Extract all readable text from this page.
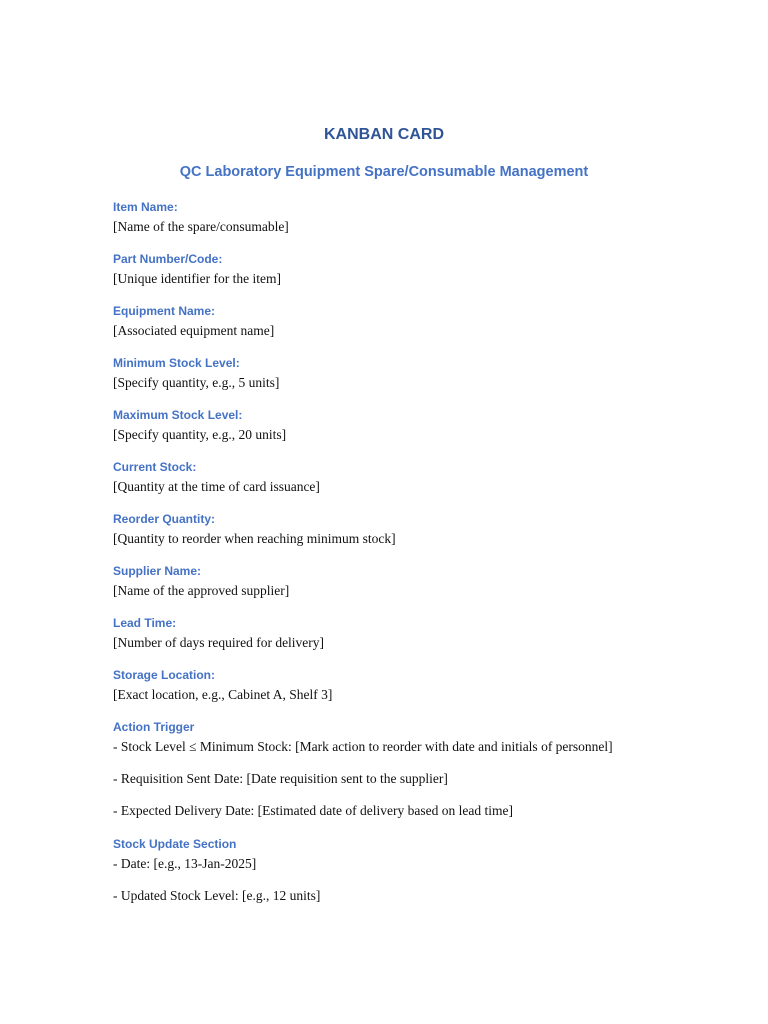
KANBAN CARD
QC Laboratory Equipment Spare/Consumable Management
Item Name:
[Name of the spare/consumable]
Part Number/Code:
[Unique identifier for the item]
Equipment Name:
[Associated equipment name]
Minimum Stock Level:
[Specify quantity, e.g., 5 units]
Maximum Stock Level:
[Specify quantity, e.g., 20 units]
Current Stock:
[Quantity at the time of card issuance]
Reorder Quantity:
[Quantity to reorder when reaching minimum stock]
Supplier Name:
[Name of the approved supplier]
Lead Time:
[Number of days required for delivery]
Storage Location:
[Exact location, e.g., Cabinet A, Shelf 3]
Action Trigger
- Stock Level ≤ Minimum Stock: [Mark action to reorder with date and initials of personnel]
- Requisition Sent Date: [Date requisition sent to the supplier]
- Expected Delivery Date: [Estimated date of delivery based on lead time]
Stock Update Section
- Date: [e.g., 13-Jan-2025]
- Updated Stock Level: [e.g., 12 units]
